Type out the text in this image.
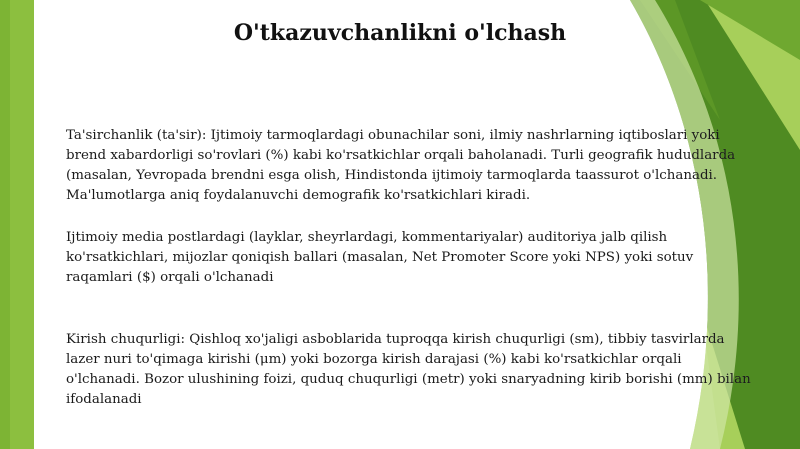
O'tkazuvchanlikni o'lchash

Ta'sirchanlik (ta'sir): Ijtimoiy tarmoqlardagi obunachilar soni, ilmiy nashrlarning iqtiboslari yoki brend xabardorligi so'rovlari (%) kabi ko'rsatkichlar orqali baholanadi. Turli geografik hududlarda (masalan, Yevropada brendni esga olish, Hindistonda ijtimoiy tarmoqlarda taassurot o'lchanadi. Ma'lumotlarga aniq foydalanuvchi demografik ko'rsatkichlari kiradi.

Ijtimoiy media postlardagi (layklar, sheyrlardagi, kommentariyalar) auditoriya jalb qilish ko'rsatkichlari, mijozlar qoniqish ballari (masalan, Net Promoter Score yoki NPS) yoki sotuv raqamlari ($) orqali o'lchanadi

Kirish chuqurligi: Qishloq xo'jaligi asboblarida tuproqqa kirish chuqurligi (sm), tibbiy tasvirlarda lazer nuri to'qimaga kirishi (μm) yoki bozorga kirish darajasi (%) kabi ko'rsatkichlar orqali o'lchanadi. Bozor ulushining foizi, quduq chuqurligi (metr) yoki snaryadning kirib borishi (mm) bilan ifodalanadi
